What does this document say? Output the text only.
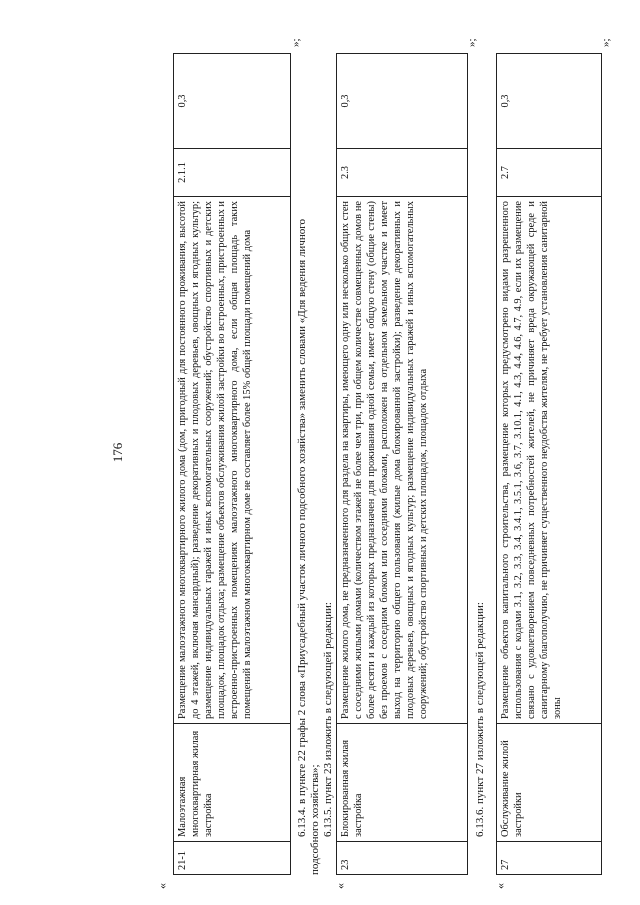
176
«
21-1
Малоэтажная многоквартирная жилая застройка
Размещение малоэтажного многоквартирного жилого дома (дом, пригодный для постоянного проживания, высотой до 4 этажей, включая мансардный); разведение декоративных и плодовых деревьев, овощных и ягодных культур; размещение индивидуальных гаражей и иных вспомогательных сооружений; обустройство спортивных и детских площадок, площадок отдыха; размещение объектов обслуживания жилой застройки во встроенных, пристроенных и встроенно-пристроенных помещениях малоэтажного многоквартирного дома, если общая площадь таких помещений в малоэтажном многоквартирном доме не составляет более 15% общей площади помещений дома
2.1.1
0,3
»;
6.13.4. в пункте 22 графы 2 слова «Приусадебный участок личного подсобного хозяйства» заменить словами «Для ведения личного подсобного хозяйства»; 6.13.5. пункт 23 изложить в следующей редакции:
«
23
Блокированная жилая застройка
Размещение жилого дома, не предназначенного для раздела на квартиры, имеющего одну или несколько общих стен с соседними жилыми домами (количеством этажей не более чем три, при общем количестве совмещенных домов не более десяти и каждый из которых предназначен для проживания одной семьи, имеет общую стену (общие стены) без проемов с соседним блоком или соседними блоками, расположен на отдельном земельном участке и имеет выход на территорию общего пользования (жилые дома блокированной застройки); разведение декоративных и плодовых деревьев, овощных и ягодных культур; размещение индивидуальных гаражей и иных вспомогательных сооружений; обустройство спортивных и детских площадок, площадок отдыха
2.3
0,3
»;
6.13.6. пункт 27 изложить в следующей редакции:
«
27
Обслуживание жилой застройки
Размещение объектов капитального строительства, размещение которых предусмотрено видами разрешенного использования с кодами 3.1, 3.2, 3.3, 3.4, 3.4.1, 3.5.1, 3.6, 3.7, 3.10.1, 4.1, 4.3, 4.4, 4.6, 4.7, 4.9, если их размещение связано с удовлетворением повседневных потребностей жителей, не причиняет вреда окружающей среде и санитарному благополучию, не причиняет существенного неудобства жителям, не требует установления санитарной зоны
2.7
0,3
»;
